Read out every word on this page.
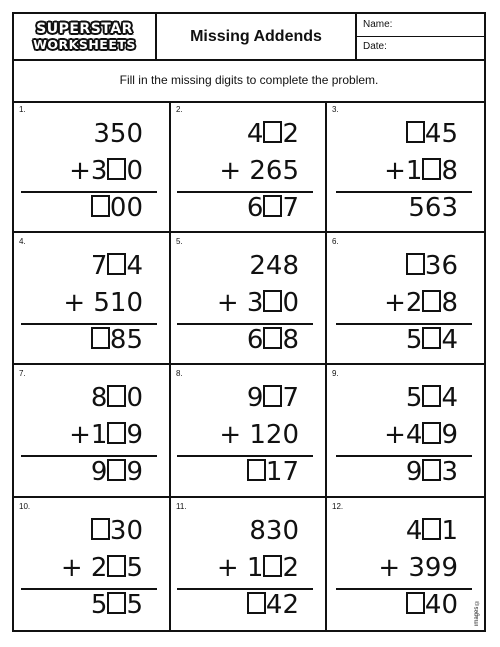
SUPERSTAR
WORKSHEETS	Missing Addends
Name:
Date:
Fill in the missing digits to complete the problem.
1.
350
+3 0
00
2.
4 2
+ 265
6 7
3.
45
+1 8
563
4.
7 4
+ 510
85
5.
248
+ 3 0
6 8
6.
36
+2 8
5 4
7.
8 0
+1 9
9 9
8.
9 7
+ 120
17
9.
5 4
+4 9
9 3
10.
30
+ 2 5
5 5
11.
830
+ 1 2
42
12.
4 1
+ 399
40	images ©
